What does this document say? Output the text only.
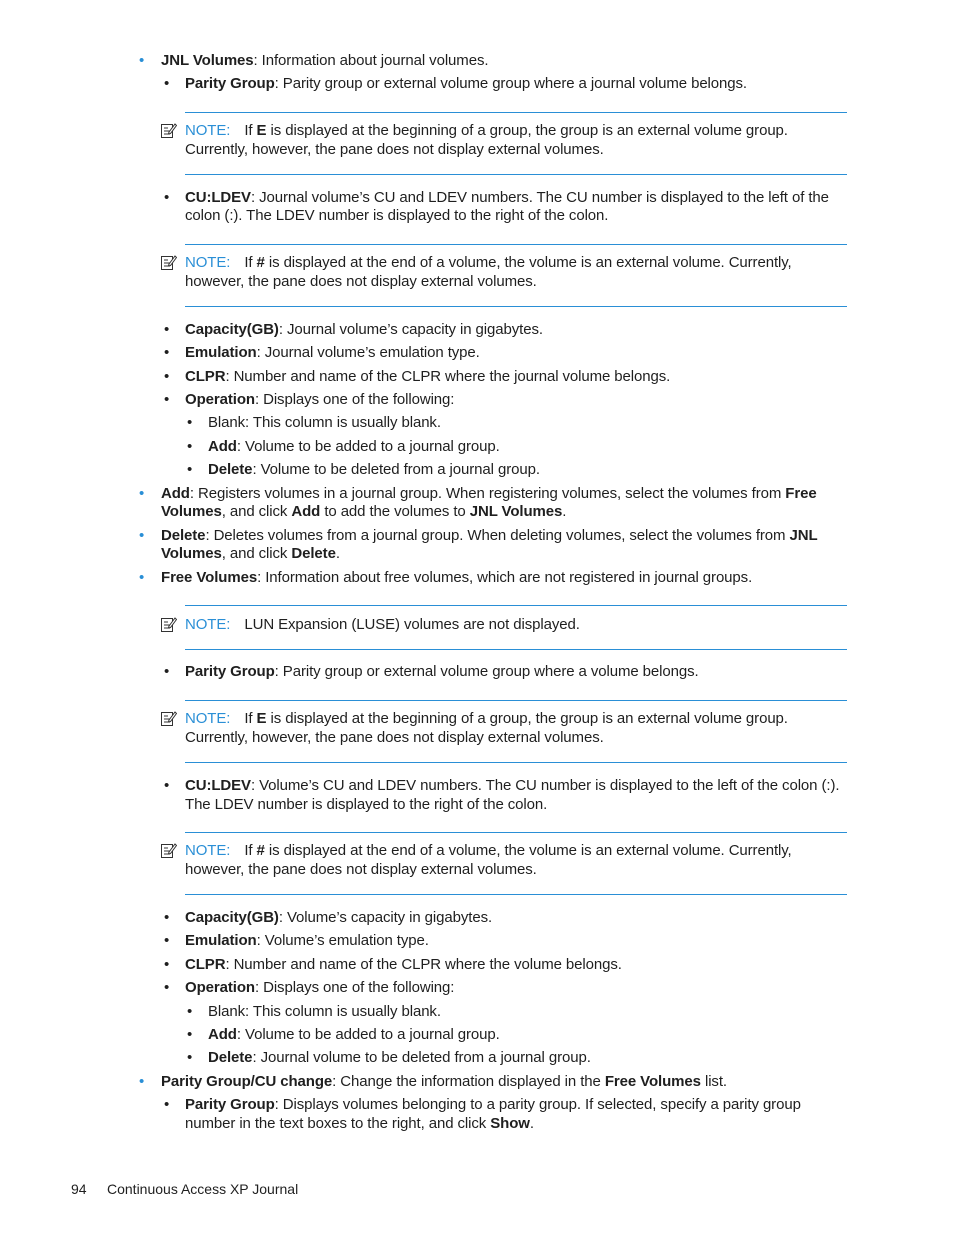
• JNL Volumes: Information about journal volumes.
• Parity Group: Parity group or external volume group where a journal volume belongs.
NOTE: If E is displayed at the beginning of a group, the group is an external volume group.
Currently, however, the pane does not display external volumes.
• CU:LDEV: Journal volume’s CU and LDEV numbers. The CU number is displayed to the left of the
colon (:). The LDEV number is displayed to the right of the colon.
NOTE: If # is displayed at the end of a volume, the volume is an external volume. Currently,
however, the pane does not display external volumes.
• Capacity(GB): Journal volume’s capacity in gigabytes.
• Emulation: Journal volume’s emulation type.
• CLPR: Number and name of the CLPR where the journal volume belongs.
• Operation: Displays one of the following:
• Blank: This column is usually blank.
• Add: Volume to be added to a journal group.
• Delete: Volume to be deleted from a journal group.
• Add: Registers volumes in a journal group. When registering volumes, select the volumes from Free
Volumes, and click Add to add the volumes to JNL Volumes.
• Delete: Deletes volumes from a journal group. When deleting volumes, select the volumes from JNL
Volumes, and click Delete.
• Free Volumes: Information about free volumes, which are not registered in journal groups.
NOTE: LUN Expansion (LUSE) volumes are not displayed.
• Parity Group: Parity group or external volume group where a volume belongs.
NOTE: If E is displayed at the beginning of a group, the group is an external volume group.
Currently, however, the pane does not display external volumes.
• CU:LDEV: Volume’s CU and LDEV numbers. The CU number is displayed to the left of the colon (:).
The LDEV number is displayed to the right of the colon.
NOTE: If # is displayed at the end of a volume, the volume is an external volume. Currently,
however, the pane does not display external volumes.
• Capacity(GB): Volume’s capacity in gigabytes.
• Emulation: Volume’s emulation type.
• CLPR: Number and name of the CLPR where the volume belongs.
• Operation: Displays one of the following:
• Blank: This column is usually blank.
• Add: Volume to be added to a journal group.
• Delete: Journal volume to be deleted from a journal group.
• Parity Group/CU change: Change the information displayed in the Free Volumes list.
• Parity Group: Displays volumes belonging to a parity group. If selected, specify a parity group
number in the text boxes to the right, and click Show.
94 Continuous Access XP Journal
